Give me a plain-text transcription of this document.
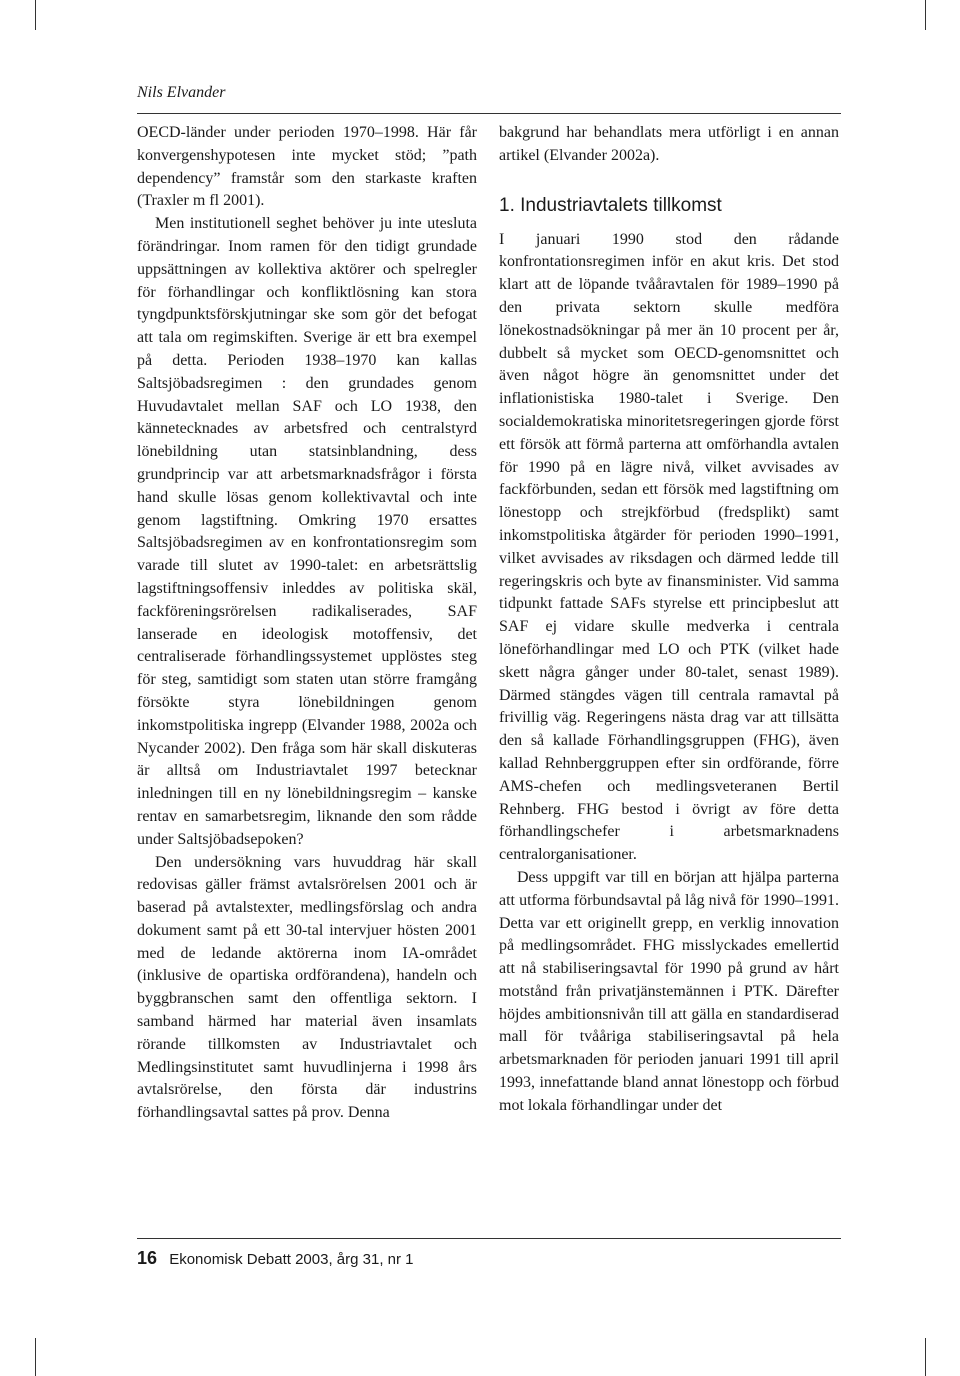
Nils Elvander

OECD-länder under perioden 1970–1998. Här får konvergenshypotesen inte mycket stöd; ”path dependency” framstår som den starkaste kraften (Traxler m fl 2001).

Men institutionell seghet behöver ju inte utesluta förändringar. Inom ramen för den tidigt grundade uppsättningen av kollektiva aktörer och spelregler för förhandlingar och konfliktlösning kan stora tyngdpunktsförskjutningar ske som gör det befogat att tala om regimskiften. Sverige är ett bra exempel på detta. Perioden 1938–1970 kan kallas Saltsjöbadsregimen : den grundades genom Huvudavtalet mellan SAF och LO 1938, den kännetecknades av arbetsfred och centralstyrd lönebildning utan statsinblandning, dess grundprincip var att arbetsmarknadsfrågor i första hand skulle lösas genom kollektivavtal och inte genom lagstiftning. Omkring 1970 ersattes Saltsjöbadsregimen av en konfrontationsregim som varade till slutet av 1990-talet: en arbetsrättslig lagstiftningsoffensiv inleddes av politiska skäl, fackföreningsrörelsen radikaliserades, SAF lanserade en ideologisk motoffensiv, det centraliserade förhandlingssystemet upplöstes steg för steg, samtidigt som staten utan större framgång försökte styra lönebildningen genom inkomstpolitiska ingrepp (Elvander 1988, 2002a och Nycander 2002). Den fråga som här skall diskuteras är alltså om Industriavtalet 1997 betecknar inledningen till en ny lönebildningsregim – kanske rentav en samarbetsregim, liknande den som rådde under Saltsjöbadsepoken?

Den undersökning vars huvuddrag här skall redovisas gäller främst avtalsrörelsen 2001 och är baserad på avtalstexter, medlingsförslag och andra dokument samt på ett 30-tal intervjuer hösten 2001 med de ledande aktörerna inom IA-området (inklusive de opartiska ordförandena), handeln och byggbranschen samt den offentliga sektorn. I samband härmed har material även insamlats rörande tillkomsten av Industriavtalet och Medlingsinstitutet samt huvudlinjerna i 1998 års avtalsrörelse, den första där industrins förhandlingsavtal sattes på prov. Denna

bakgrund har behandlats mera utförligt i en annan artikel (Elvander 2002a).

1. Industriavtalets tillkomst

I januari 1990 stod den rådande konfrontationsregimen inför en akut kris. Det stod klart att de löpande tvååravtalen för 1989–1990 på den privata sektorn skulle medföra lönekostnadsökningar på mer än 10 procent per år, dubbelt så mycket som OECD-genomsnittet och även något högre än genomsnittet under det inflationistiska 1980-talet i Sverige. Den socialdemokratiska minoritetsregeringen gjorde först ett försök att förmå parterna att omförhandla avtalen för 1990 på en lägre nivå, vilket avvisades av fackförbunden, sedan ett försök med lagstiftning om lönestopp och strejkförbud (fredsplikt) samt inkomstpolitiska åtgärder för perioden 1990–1991, vilket avvisades av riksdagen och därmed ledde till regeringskris och byte av finansminister. Vid samma tidpunkt fattade SAFs styrelse ett principbeslut att SAF ej vidare skulle medverka i centrala löneförhandlingar med LO och PTK (vilket hade skett några gånger under 80-talet, senast 1989). Därmed stängdes vägen till centrala ramavtal på frivillig väg. Regeringens nästa drag var att tillsätta den så kallade Förhandlingsgruppen (FHG), även kallad Rehnberggruppen efter sin ordförande, förre AMS-chefen och medlingsveteranen Bertil Rehnberg. FHG bestod i övrigt av före detta förhandlingschefer i arbetsmarknadens centralorganisationer.

Dess uppgift var till en början att hjälpa parterna att utforma förbundsavtal på låg nivå för 1990–1991. Detta var ett originellt grepp, en verklig innovation på medlingsområdet. FHG misslyckades emellertid att nå stabiliseringsavtal för 1990 på grund av hårt motstånd från privatjänstemännen i PTK. Därefter höjdes ambitionsnivån till att gälla en standardiserad mall för tvååriga stabiliseringsavtal på hela arbetsmarknaden för perioden januari 1991 till april 1993, innefattande bland annat lönestopp och förbud mot lokala förhandlingar under det

16 Ekonomisk Debatt 2003, årg 31, nr 1
